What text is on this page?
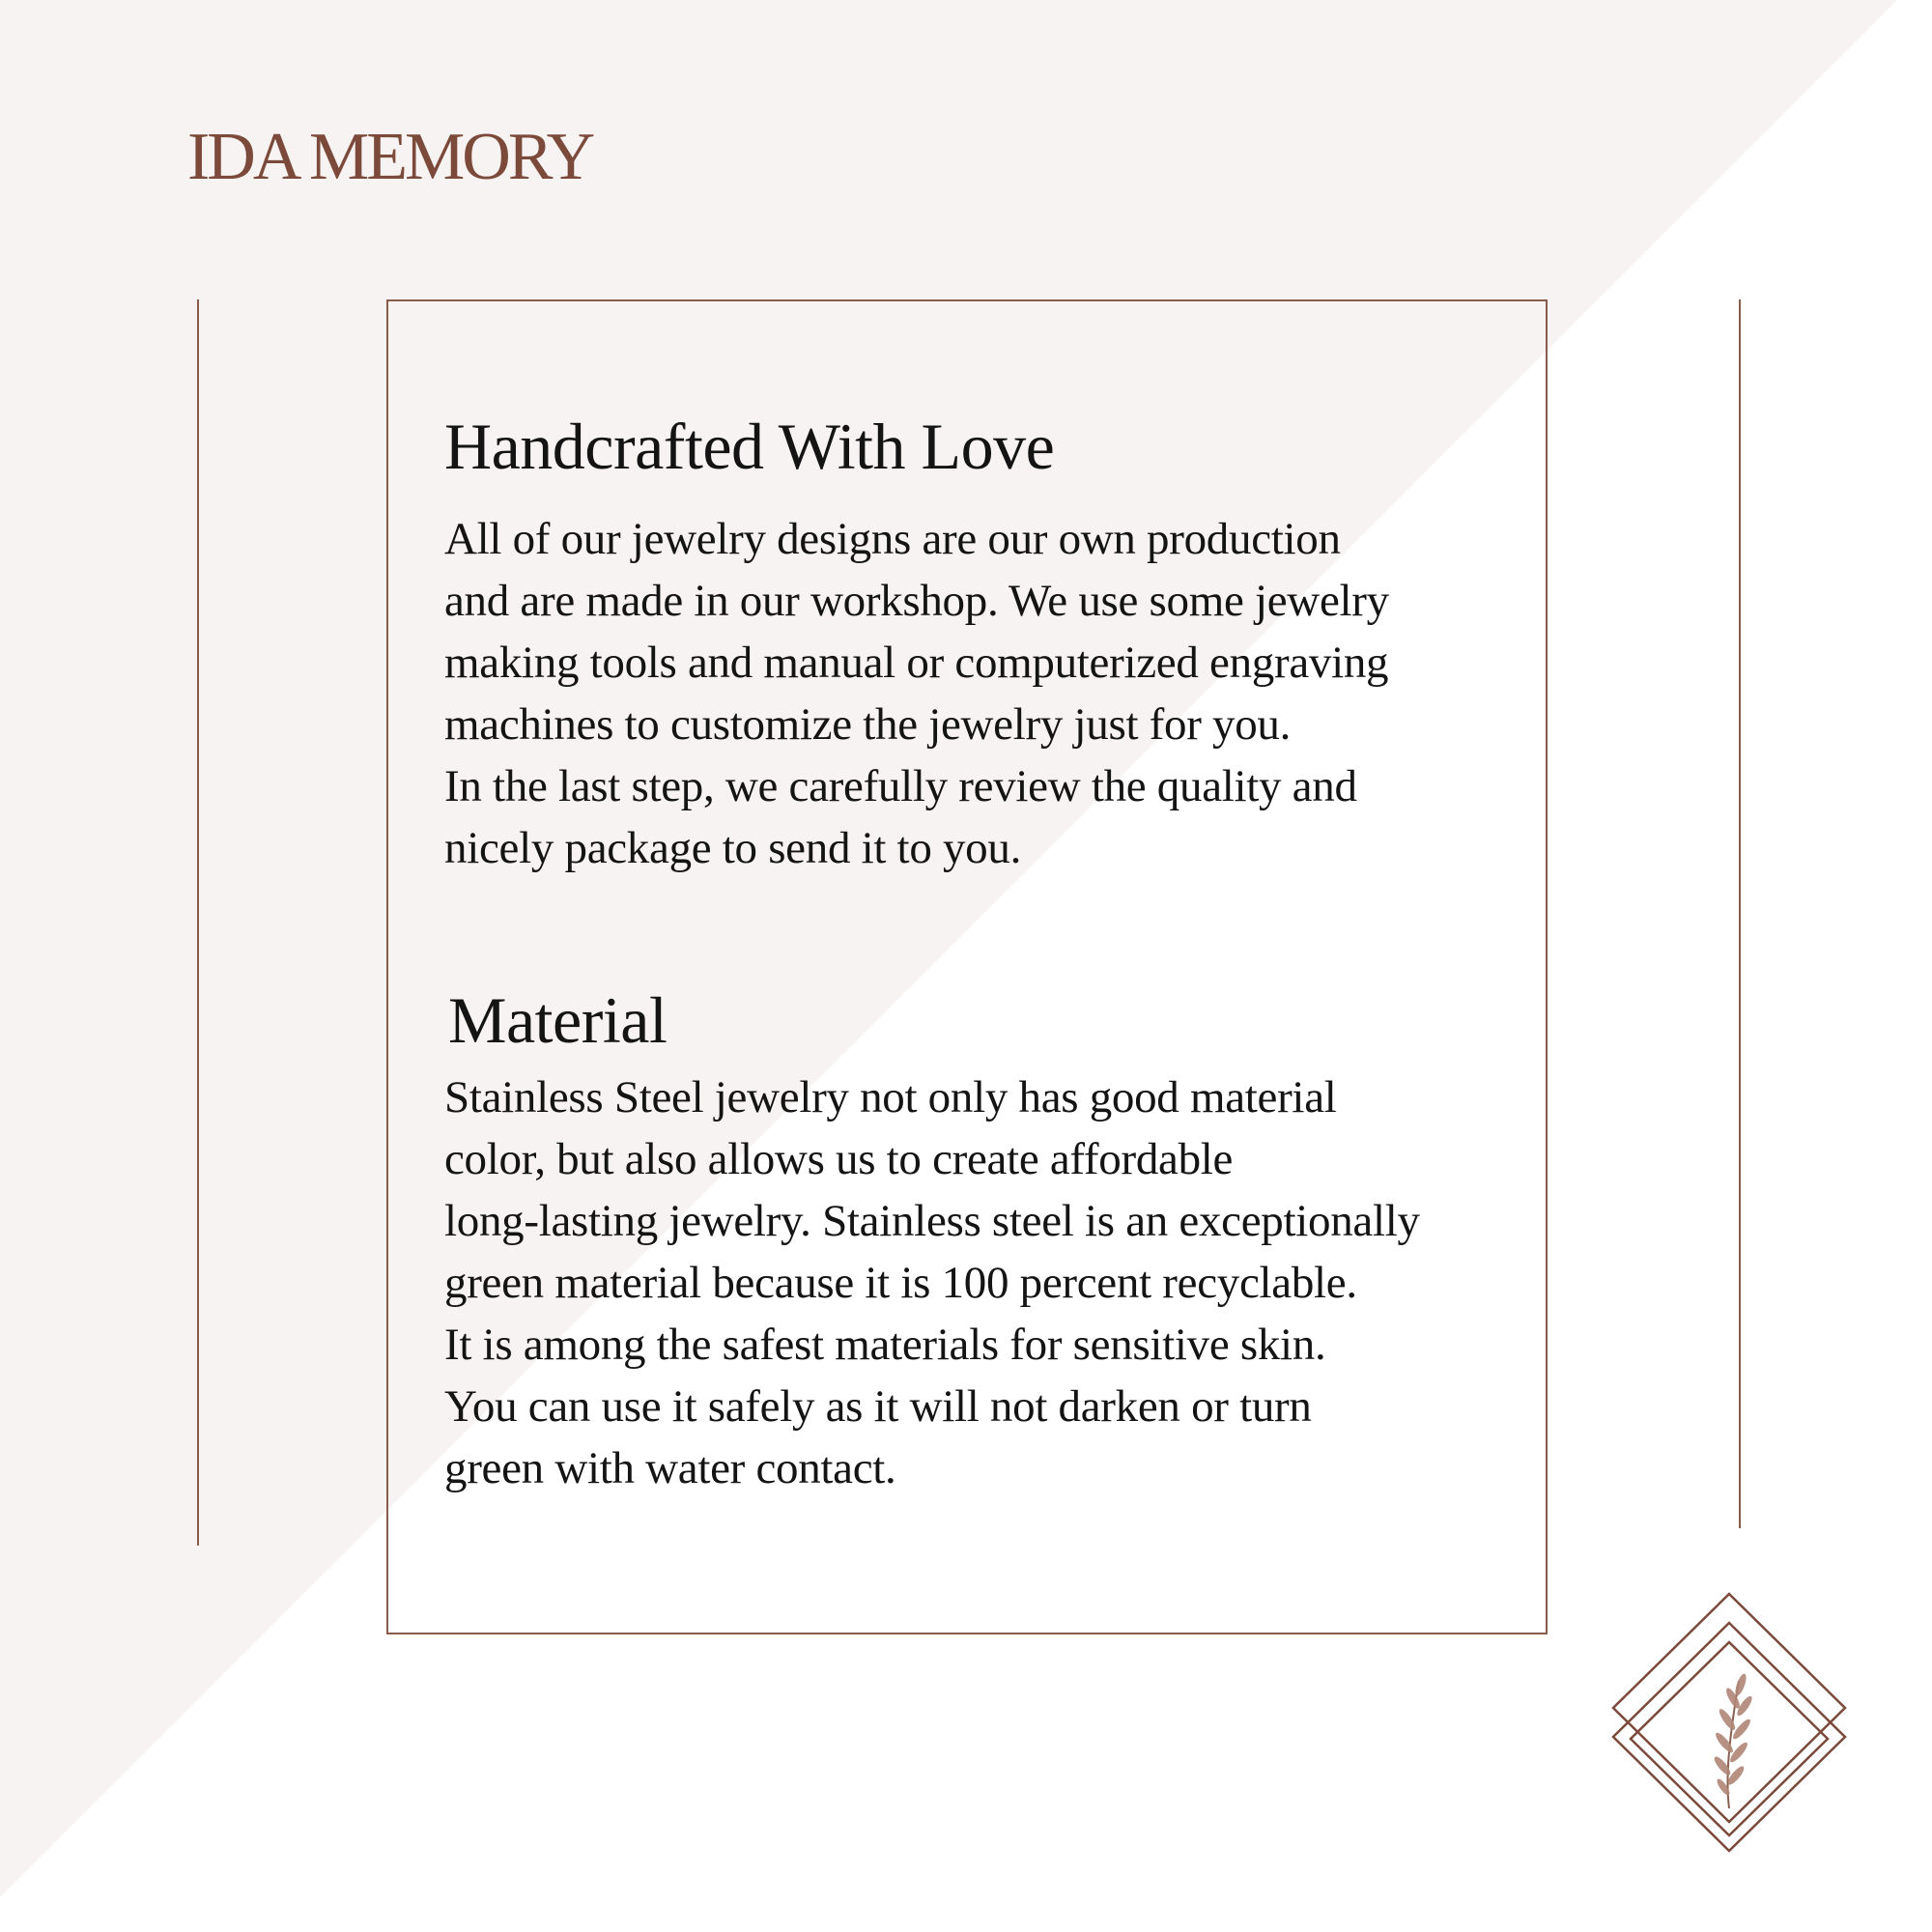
IDA MEMORY
Handcrafted With Love
All of our jewelry designs are our own production
and are made in our workshop. We use some jewelry
making tools and manual or computerized engraving
machines to customize the jewelry just for you.
In the last step, we carefully review the quality and
nicely package to send it to you.
Material
Stainless Steel jewelry not only has good material
color, but also allows us to create affordable
long-lasting jewelry. Stainless steel is an exceptionally
green material because it is 100 percent recyclable.
It is among the safest materials for sensitive skin.
You can use it safely as it will not darken or turn
green with water contact.
